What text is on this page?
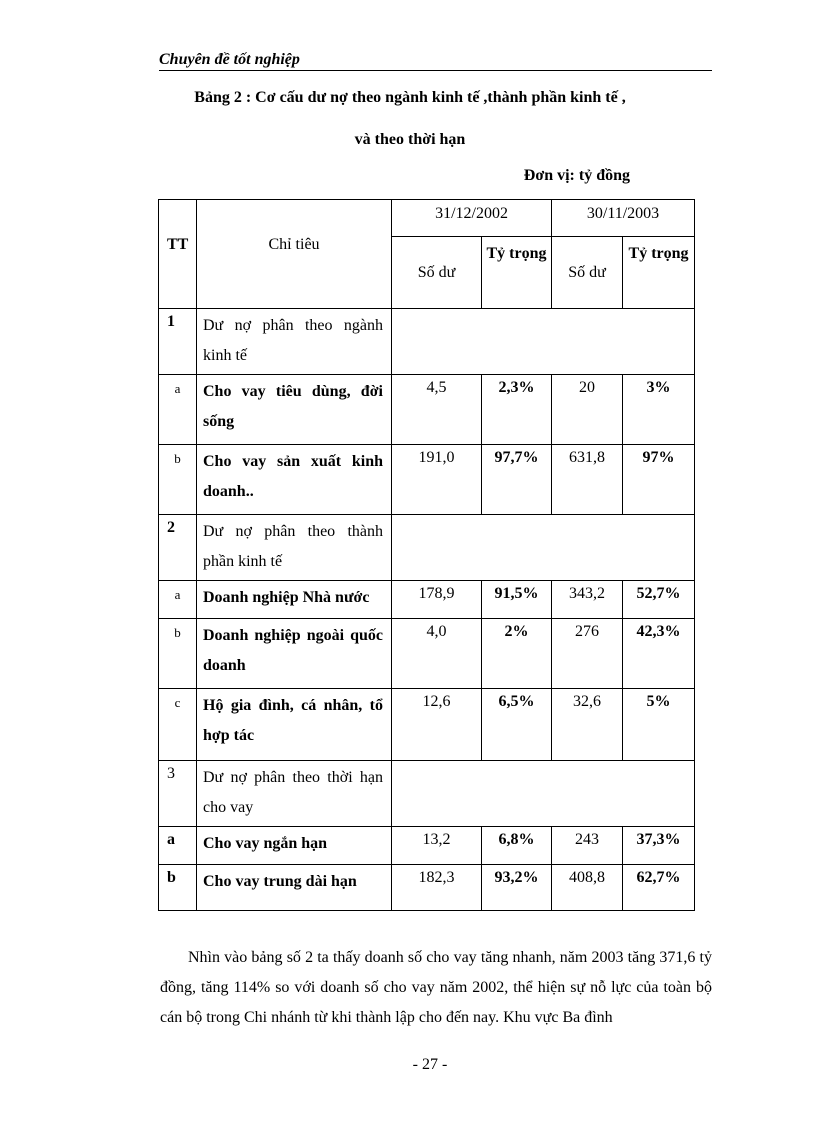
Chuyên đề tốt nghiệp
Bảng 2 : Cơ cấu dư nợ theo ngành kinh tế ,thành phần kinh tế ,
và theo thời hạn
Đơn vị: tỷ đồng
TT	Chỉ tiêu	31/12/2002		30/11/2003	
		Số dư	Tỷ trọng	Số dư	Tỷ trọng
1	Dư nợ phân theo ngành kinh tế				
a	Cho vay tiêu dùng, đời sống	4,5	2,3%	20	3%
b	Cho vay sản xuất kinh doanh..	191,0	97,7%	631,8	97%
2	Dư nợ phân theo thành phần kinh tế				
a	Doanh nghiệp Nhà nước	178,9	91,5%	343,2	52,7%
b	Doanh nghiệp ngoài quốc doanh	4,0	2%	276	42,3%
c	Hộ gia đình, cá nhân, tổ hợp tác	12,6	6,5%	32,6	5%
3	Dư nợ phân theo thời hạn cho vay				
a	Cho vay ngắn hạn	13,2	6,8%	243	37,3%
b	Cho vay trung dài hạn	182,3	93,2%	408,8	62,7%

Nhìn vào bảng số 2 ta thấy doanh số cho vay tăng nhanh, năm 2003 tăng 371,6 tỷ đồng, tăng 114% so với doanh số cho vay năm 2002, thể hiện sự nỗ lực của toàn bộ cán bộ trong Chi nhánh từ khi thành lập cho đến nay. Khu vực Ba đình

- 27 -
